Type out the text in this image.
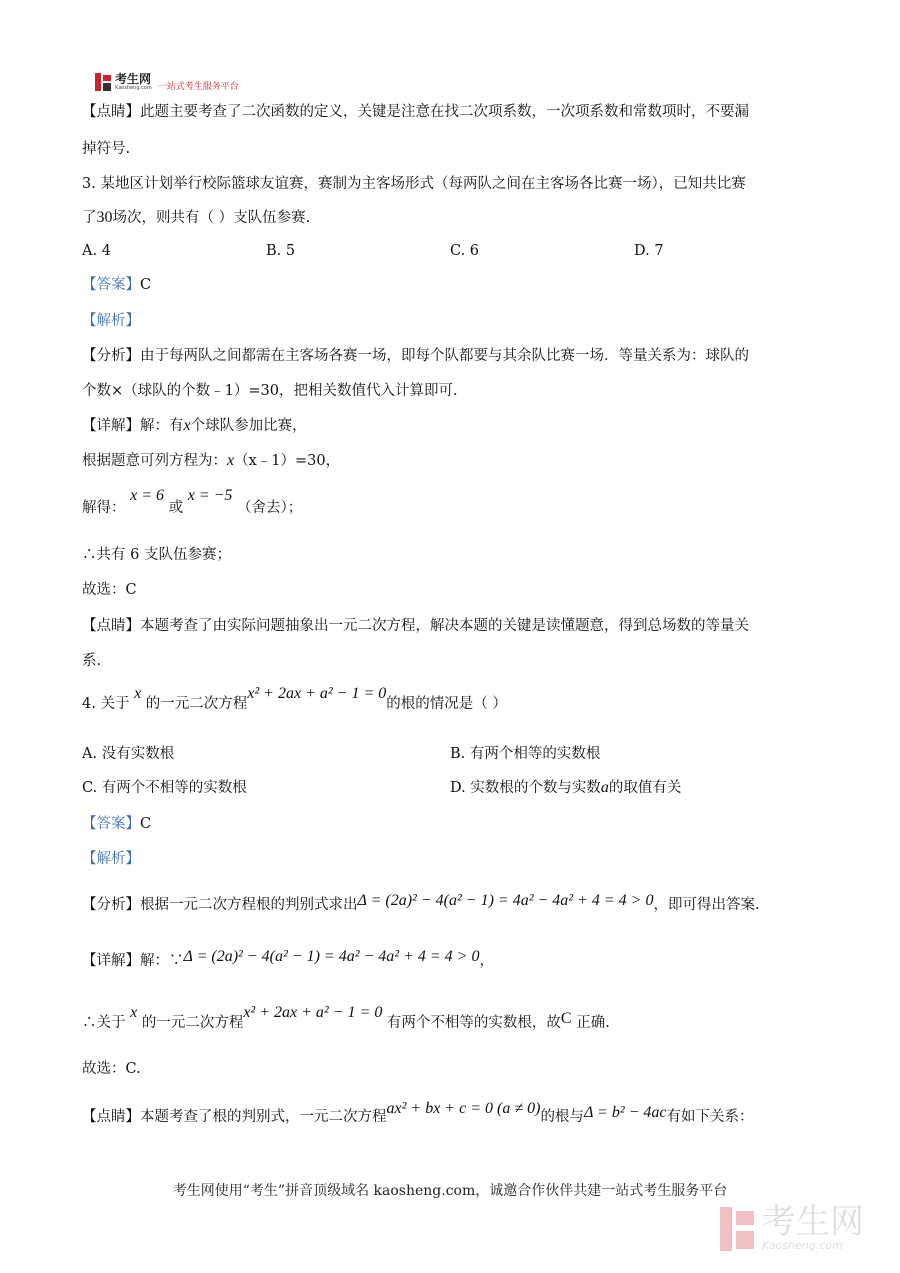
考生网
Kaosheng.com 一站式考生服务平台
【点睛】此题主要考查了二次函数的定义，关键是注意在找二次项系数，一次项系数和常数项时，不要漏
掉符号.
3. 某地区计划举行校际篮球友谊赛，赛制为主客场形式（每两队之间在主客场各比赛一场），已知共比赛
了30场次，则共有（ ）支队伍参赛.
A. 4	B. 5	C. 6	D. 7
【答案】C
【解析】
【分析】由于每两队之间都需在主客场各赛一场，即每个队都要与其余队比赛一场．等量关系为：球队的
个数×（球队的个数﹣1）=30，把相关数值代入计算即可.
【详解】解：有x个球队参加比赛，
根据题意可列方程为：x（x﹣1）=30，
解得： x = 6 或 x = −5 （舍去）；
∴共有 6 支队伍参赛；
故选：C
【点睛】本题考查了由实际问题抽象出一元二次方程，解决本题的关键是读懂题意，得到总场数的等量关
系.
4. 关于 x 的一元二次方程x² + 2ax + a² − 1 = 0的根的情况是（ ）
A. 没有实数根	B. 有两个相等的实数根
C. 有两个不相等的实数根	D. 实数根的个数与实数a的取值有关
【答案】C
【解析】
【分析】根据一元二次方程根的判别式求出Δ = (2a)² − 4(a² − 1) = 4a² − 4a² + 4 = 4 > 0，即可得出答案.
【详解】解：∵Δ = (2a)² − 4(a² − 1) = 4a² − 4a² + 4 = 4 > 0，
∴关于 x 的一元二次方程x² + 2ax + a² − 1 = 0 有两个不相等的实数根，故C 正确.
故选：C.
【点睛】本题考查了根的判别式，一元二次方程ax² + bx + c = 0 (a ≠ 0)的根与Δ = b² − 4ac有如下关系：
考生网使用“考生”拼音顶级域名 kaosheng.com，诚邀合作伙伴共建一站式考生服务平台
考生网
Kaosheng.com
